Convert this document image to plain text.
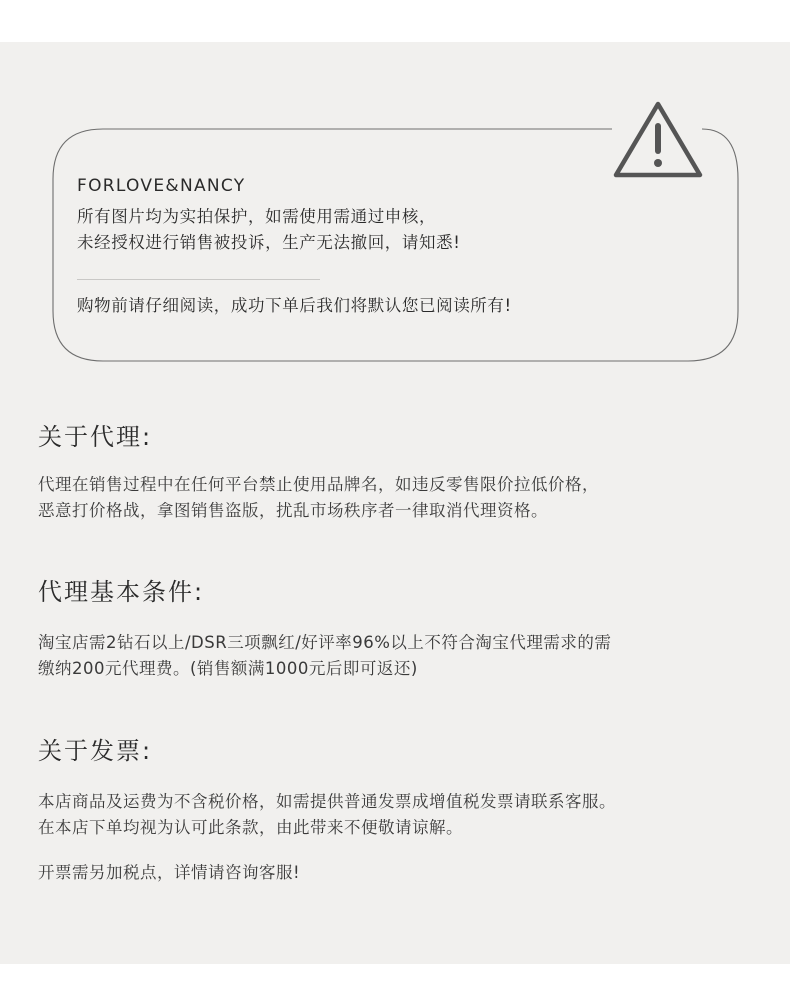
FORLOVE&NANCY
所有图片均为实拍保护，如需使用需通过申核，
未经授权进行销售被投诉，生产无法撤回，请知悉!
购物前请仔细阅读，成功下单后我们将默认您已阅读所有!
关于代理:
代理在销售过程中在任何平台禁止使用品牌名，如违反零售限价拉低价格，
恶意打价格战，拿图销售盗版，扰乱市场秩序者一律取消代理资格。
代理基本条件:
淘宝店需2钻石以上/DSR三项飘红/好评率96%以上不符合淘宝代理需求的需
缴纳200元代理费。(销售额满1000元后即可返还)
关于发票:
本店商品及运费为不含税价格，如需提供普通发票成增值税发票请联系客服。
在本店下单均视为认可此条款，由此带来不便敬请谅解。
开票需另加税点，详情请咨询客服!
